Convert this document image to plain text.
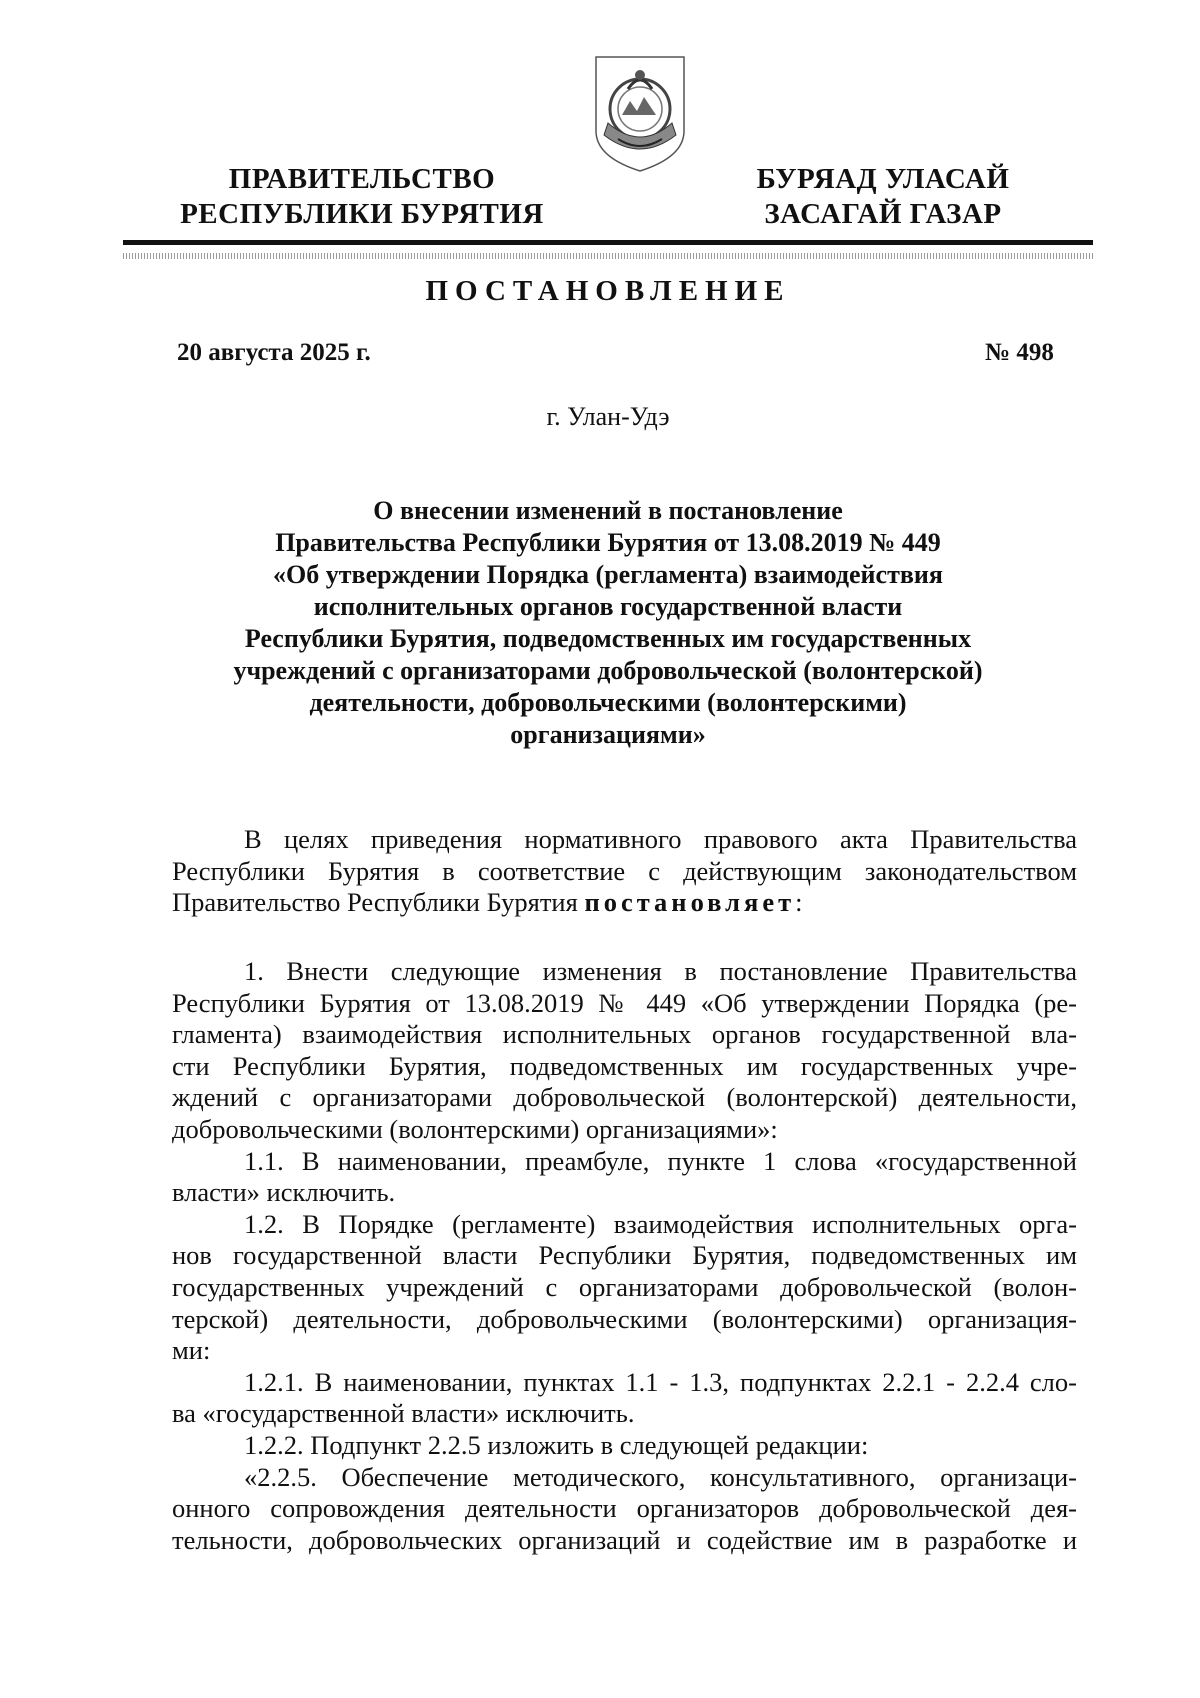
ПРАВИТЕЛЬСТВО
РЕСПУБЛИКИ БУРЯТИЯ
БУРЯАД УЛАСАЙ
ЗАСАГАЙ ГАЗАР
ПОСТАНОВЛЕНИЕ
20 августа 2025 г.	№ 498
г. Улан-Удэ
О внесении изменений в постановление
Правительства Республики Бурятия от 13.08.2019 № 449
«Об утверждении Порядка (регламента) взаимодействия
исполнительных органов государственной власти
Республики Бурятия, подведомственных им государственных
учреждений с организаторами добровольческой (волонтерской)
деятельности, добровольческими (волонтерскими)
организациями»
В целях приведения нормативного правового акта Правительства
Республики Бурятия в соответствие с действующим законодательством
Правительство Республики Бурятия постановляет:
1. Внести следующие изменения в постановление Правительства
Республики Бурятия от 13.08.2019 № 449 «Об утверждении Порядка (ре-
гламента) взаимодействия исполнительных органов государственной вла-
сти Республики Бурятия, подведомственных им государственных учре-
ждений с организаторами добровольческой (волонтерской) деятельности,
добровольческими (волонтерскими) организациями»:
1.1. В наименовании, преамбуле, пункте 1 слова «государственной
власти» исключить.
1.2. В Порядке (регламенте) взаимодействия исполнительных орга-
нов государственной власти Республики Бурятия, подведомственных им
государственных учреждений с организаторами добровольческой (волон-
терской) деятельности, добровольческими (волонтерскими) организация-
ми:
1.2.1. В наименовании, пунктах 1.1 - 1.3, подпунктах 2.2.1 - 2.2.4 сло-
ва «государственной власти» исключить.
1.2.2. Подпункт 2.2.5 изложить в следующей редакции:
«2.2.5. Обеспечение методического, консультативного, организаци-
онного сопровождения деятельности организаторов добровольческой дея-
тельности, добровольческих организаций и содействие им в разработке и
